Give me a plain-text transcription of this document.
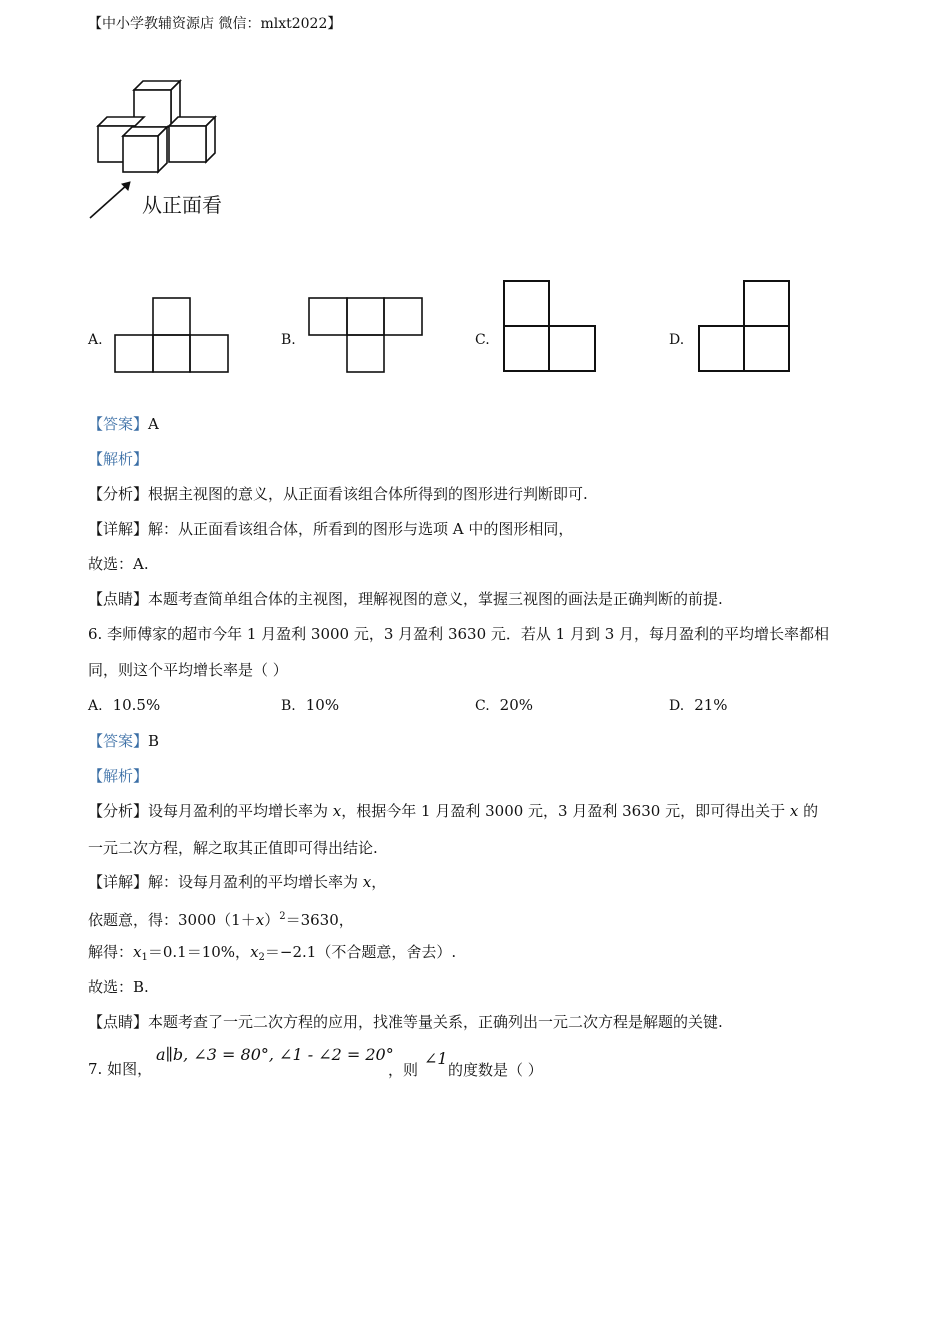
【中小学教辅资源店 微信：mlxt2022】
从正面看
A.	B.	C.	D.
【答案】A
【解析】
【分析】根据主视图的意义，从正面看该组合体所得到的图形进行判断即可.
【详解】解：从正面看该组合体，所看到的图形与选项 A 中的图形相同，
故选：A.
【点睛】本题考查简单组合体的主视图，理解视图的意义，掌握三视图的画法是正确判断的前提.
6. 李师傅家的超市今年 1 月盈利 3000 元，3 月盈利 3630 元．若从 1 月到 3 月，每月盈利的平均增长率都相
同，则这个平均增长率是（ ）
A. 10.5%	B. 10%	C. 20%	D. 21%
【答案】B
【解析】
【分析】设每月盈利的平均增长率为 x，根据今年 1 月盈利 3000 元，3 月盈利 3630 元，即可得出关于 x 的
一元二次方程，解之取其正值即可得出结论.
【详解】解：设每月盈利的平均增长率为 x，
依题意，得：$3000(1+x)^2=3630$，
解得：$x_1=0.1=10\%$，$x_2=-2.1$（不合题意，舍去）.
故选：B.
【点睛】本题考查了一元二次方程的应用，找准等量关系，正确列出一元二次方程是解题的关键.
7. 如图，
a∥b, ∠3 = 80°, ∠1 - ∠2 = 20°
，则
∠1
的度数是（ ）
